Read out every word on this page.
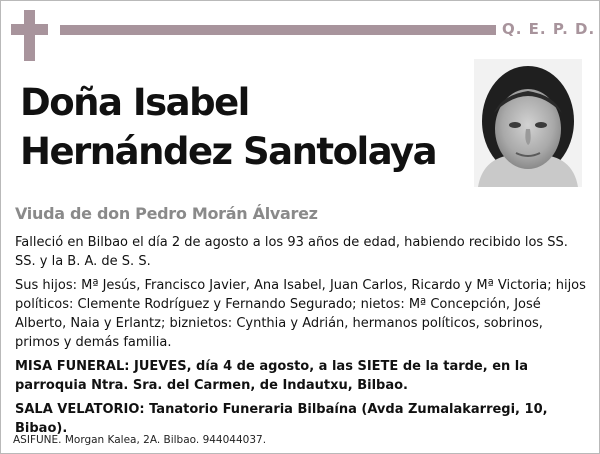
Q. E. P. D.
Doña Isabel
Hernández Santolaya
Viuda de don Pedro Morán Álvarez

Falleció en Bilbao el día 2 de agosto a los 93 años de edad, habiendo recibido los SS. SS. y la B. A. de S. S.

Sus hijos: Mª Jesús, Francisco Javier, Ana Isabel, Juan Carlos, Ricardo y Mª Victoria; hijos políticos: Clemente Rodríguez y Fernando Segurado; nietos: Mª Concepción, José Alberto, Naia y Erlantz; biznietos: Cynthia y Adrián, hermanos políticos, sobrinos, primos y demás familia.

MISA FUNERAL: JUEVES, día 4 de agosto, a las SIETE de la tarde, en la parroquia Ntra. Sra. del Carmen, de Indautxu, Bilbao.

SALA VELATORIO: Tanatorio Funeraria Bilbaína (Avda Zumalakarregi, 10, Bibao).

ASIFUNE. Morgan Kalea, 2A. Bilbao. 944044037.
